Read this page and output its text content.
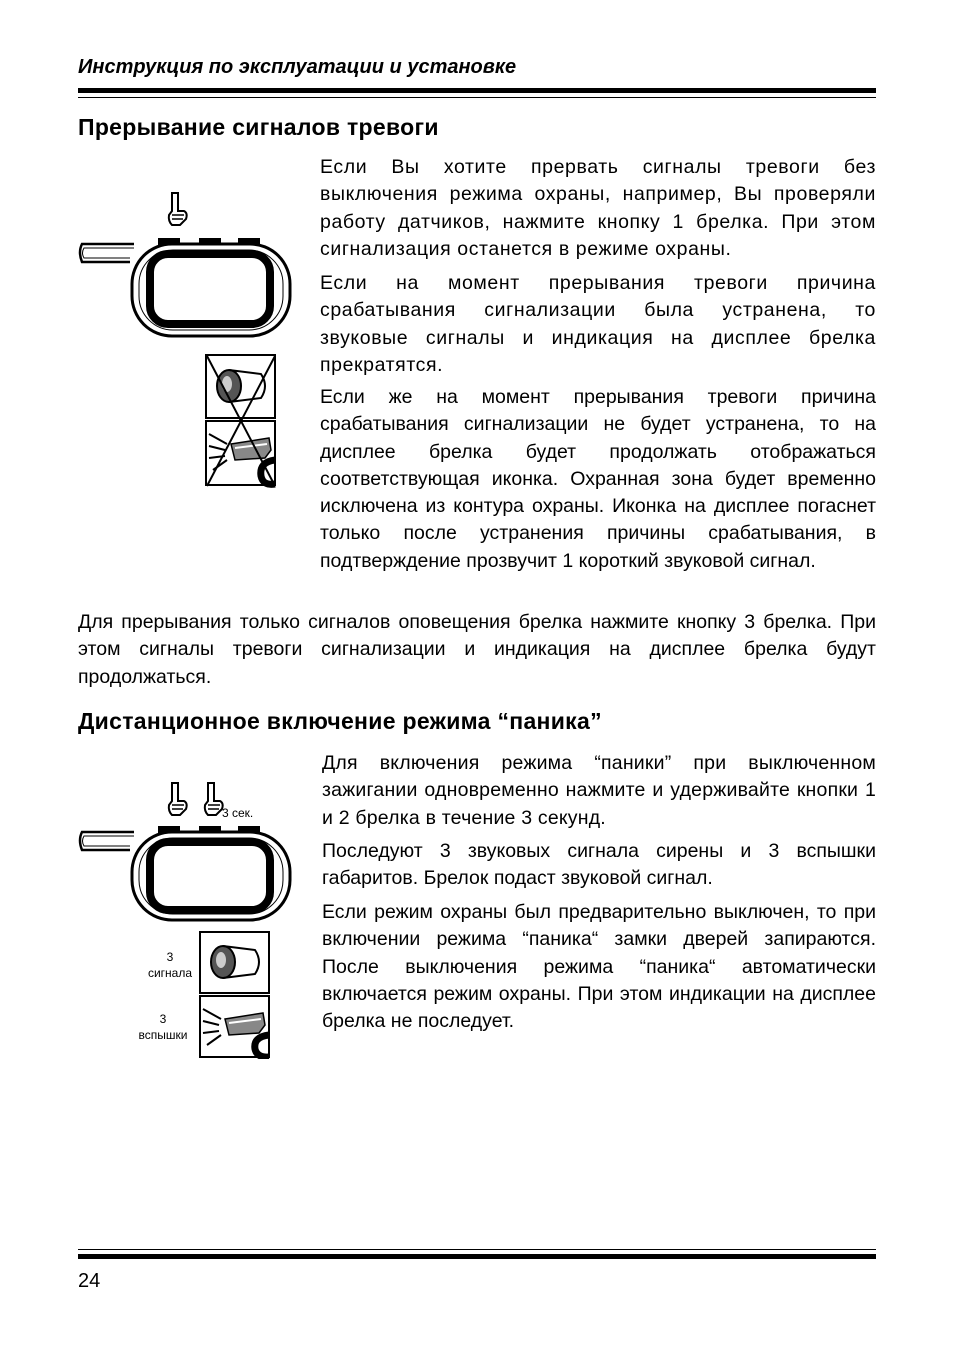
Инструкция по эксплуатации и установке
Прерывание сигналов тревоги

Если Вы хотите прервать сигналы тревоги без выключения режима охраны, например, Вы проверяли работу датчиков, нажмите кнопку 1 брелка. При этом сигнализация останется в режиме охраны.

Если на момент прерывания тревоги причина срабатывания сигнализации была устранена, то звуковые сигналы и индикация на дисплее брелка прекратятся.

Если же на момент прерывания тревоги причина срабатывания сигнализации не будет устранена, то на дисплее брелка будет продолжать отображаться соответствующая иконка. Охранная зона будет временно исключена из контура охраны. Иконка на дисплее погаснет только после устранения причины срабатывания, в подтверждение прозвучит 1 короткий звуковой сигнал.

Для прерывания только сигналов оповещения брелка нажмите кнопку 3 брелка. При этом сигналы тревоги сигнализации и индикация на дисплее брелка будут продолжаться.

Дистанционное включение режима “паника”
3 сек.
3
сигнала
3
вспышки

Для включения режима “паники” при выключенном зажигании одновременно нажмите и удерживайте кнопки 1 и 2 брелка в течение 3 секунд.

Последуют 3 звуковых сигнала сирены и 3 вспышки габаритов. Брелок подаст звуковой сигнал.

Если режим охраны был предварительно выключен, то при включении режима “паника“ замки дверей запираются. После выключения режима “паника“ автоматически включается режим охраны. При этом индикации на дисплее брелка не последует.

24
